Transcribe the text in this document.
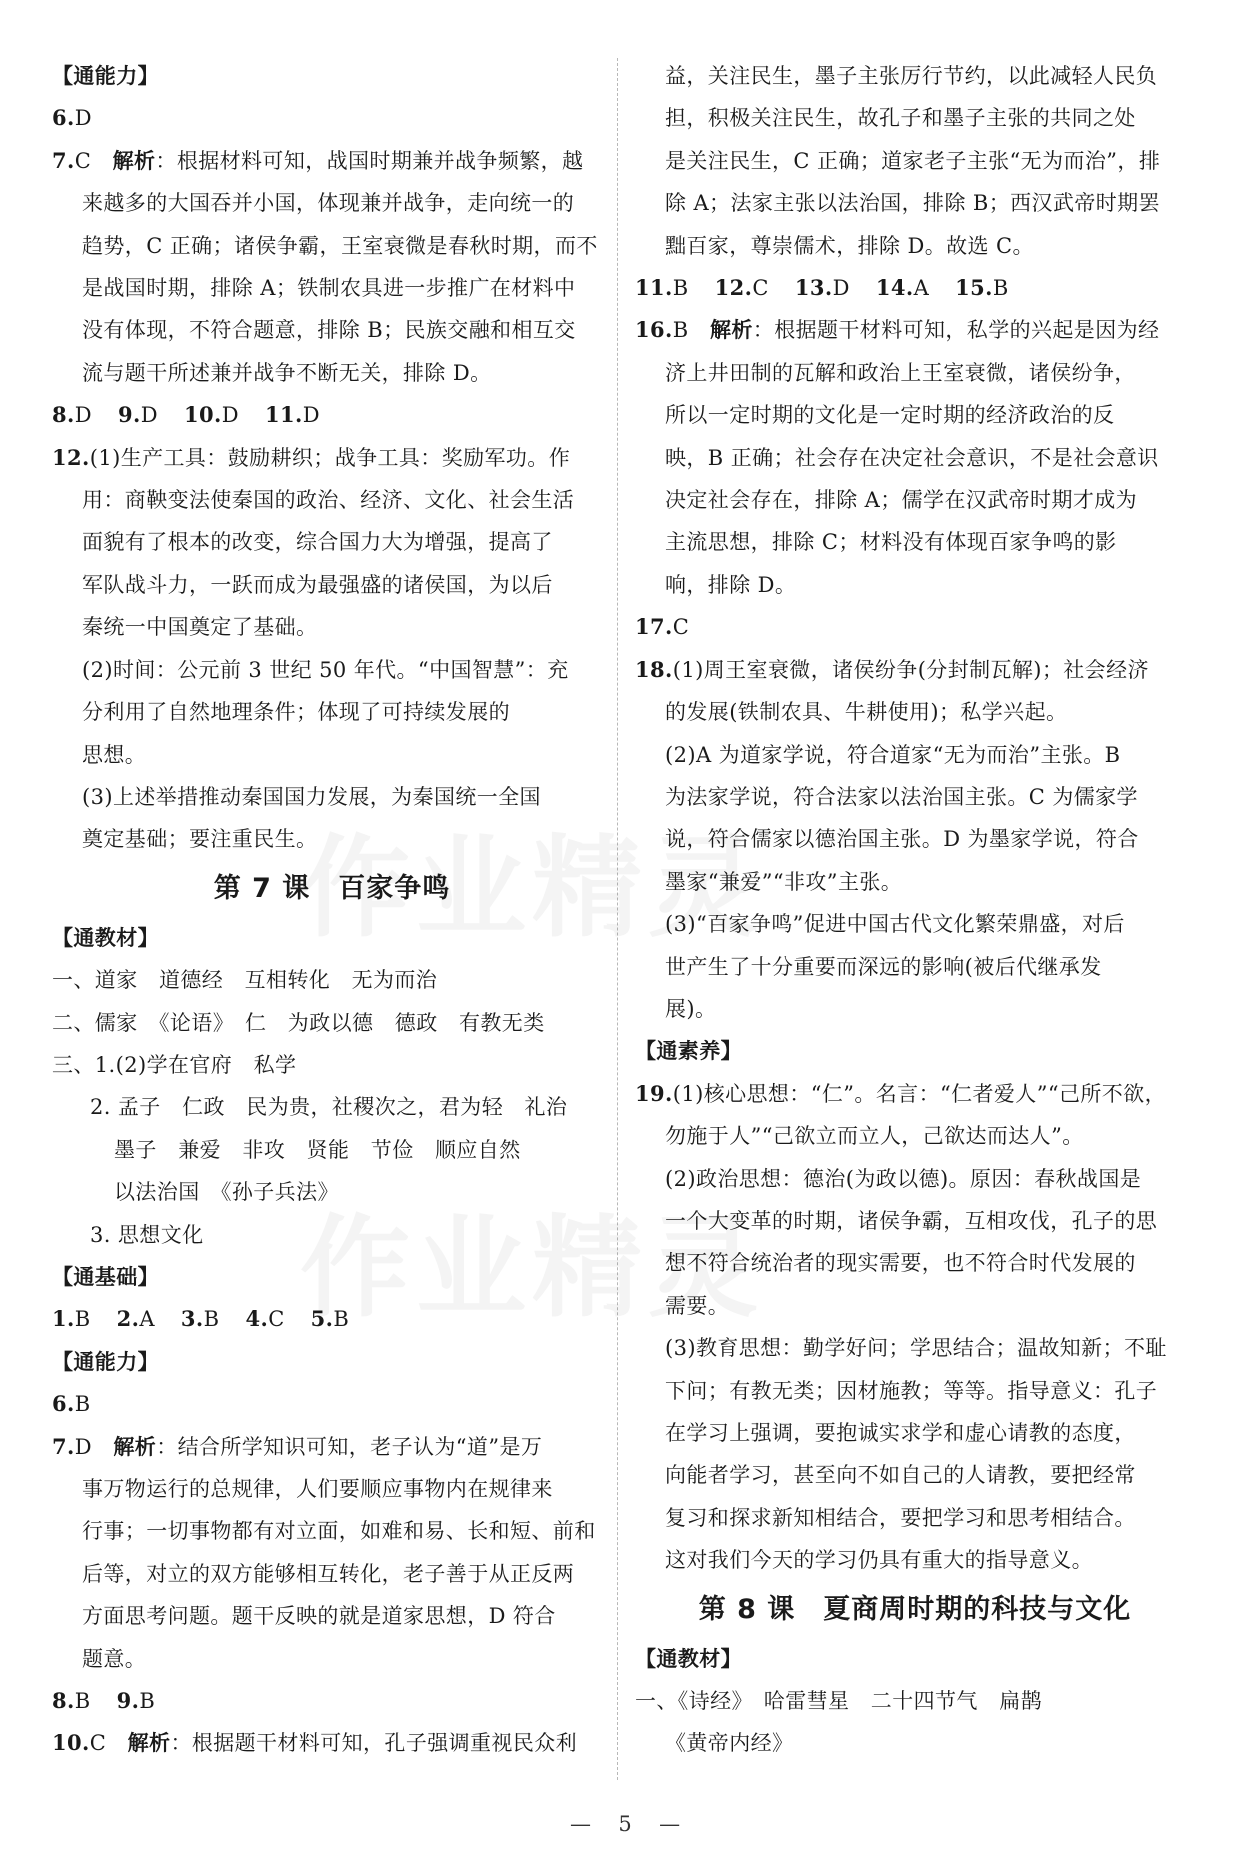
【通能力】
6.D
7.C　解析：根据材料可知，战国时期兼并战争频繁，越
来越多的大国吞并小国，体现兼并战争，走向统一的
趋势，C 正确；诸侯争霸，王室衰微是春秋时期，而不
是战国时期，排除 A；铁制农具进一步推广在材料中
没有体现，不符合题意，排除 B；民族交融和相互交
流与题干所述兼并战争不断无关，排除 D。
8.D 9.D 10.D 11.D
12.(1)生产工具：鼓励耕织；战争工具：奖励军功。作
用：商鞅变法使秦国的政治、经济、文化、社会生活
面貌有了根本的改变，综合国力大为增强，提高了
军队战斗力，一跃而成为最强盛的诸侯国，为以后
秦统一中国奠定了基础。
(2)时间：公元前 3 世纪 50 年代。“中国智慧”：充
分利用了自然地理条件；体现了可持续发展的
思想。
(3)上述举措推动秦国国力发展，为秦国统一全国
奠定基础；要注重民生。
第 7 课　百家争鸣
【通教材】
一、道家　道德经　互相转化　无为而治
二、儒家　《论语》　仁　为政以德　德政　有教无类
三、1.(2)学在官府　私学
2. 孟子　仁政　民为贵，社稷次之，君为轻　礼治
墨子　兼爱　非攻　贤能　节俭　顺应自然
以法治国　《孙子兵法》
3. 思想文化
【通基础】
1.B 2.A 3.B 4.C 5.B
【通能力】
6.B
7.D　解析：结合所学知识可知，老子认为“道”是万
事万物运行的总规律，人们要顺应事物内在规律来
行事；一切事物都有对立面，如难和易、长和短、前和
后等，对立的双方能够相互转化，老子善于从正反两
方面思考问题。题干反映的就是道家思想，D 符合
题意。
8.B 9.B
10.C　解析：根据题干材料可知，孔子强调重视民众利
益，关注民生，墨子主张厉行节约，以此减轻人民负
担，积极关注民生，故孔子和墨子主张的共同之处
是关注民生，C 正确；道家老子主张“无为而治”，排
除 A；法家主张以法治国，排除 B；西汉武帝时期罢
黜百家，尊崇儒术，排除 D。故选 C。
11.B 12.C 13.D 14.A 15.B
16.B　解析：根据题干材料可知，私学的兴起是因为经
济上井田制的瓦解和政治上王室衰微，诸侯纷争，
所以一定时期的文化是一定时期的经济政治的反
映，B 正确；社会存在决定社会意识，不是社会意识
决定社会存在，排除 A；儒学在汉武帝时期才成为
主流思想，排除 C；材料没有体现百家争鸣的影
响，排除 D。
17.C
18.(1)周王室衰微，诸侯纷争(分封制瓦解)；社会经济
的发展(铁制农具、牛耕使用)；私学兴起。
(2)A 为道家学说，符合道家“无为而治”主张。B
为法家学说，符合法家以法治国主张。C 为儒家学
说，符合儒家以德治国主张。D 为墨家学说，符合
墨家“兼爱”“非攻”主张。
(3)“百家争鸣”促进中国古代文化繁荣鼎盛，对后
世产生了十分重要而深远的影响(被后代继承发
展)。
【通素养】
19.(1)核心思想：“仁”。名言：“仁者爱人”“己所不欲，
勿施于人”“己欲立而立人，己欲达而达人”。
(2)政治思想：德治(为政以德)。原因：春秋战国是
一个大变革的时期，诸侯争霸，互相攻伐，孔子的思
想不符合统治者的现实需要，也不符合时代发展的
需要。
(3)教育思想：勤学好问；学思结合；温故知新；不耻
下问；有教无类；因材施教；等等。指导意义：孔子
在学习上强调，要抱诚实求学和虚心请教的态度，
向能者学习，甚至向不如自己的人请教，要把经常
复习和探求新知相结合，要把学习和思考相结合。
这对我们今天的学习仍具有重大的指导意义。
第 8 课　夏商周时期的科技与文化
【通教材】
一、《诗经》　哈雷彗星　二十四节气　扁鹊
《黄帝内经》
— 5 —
